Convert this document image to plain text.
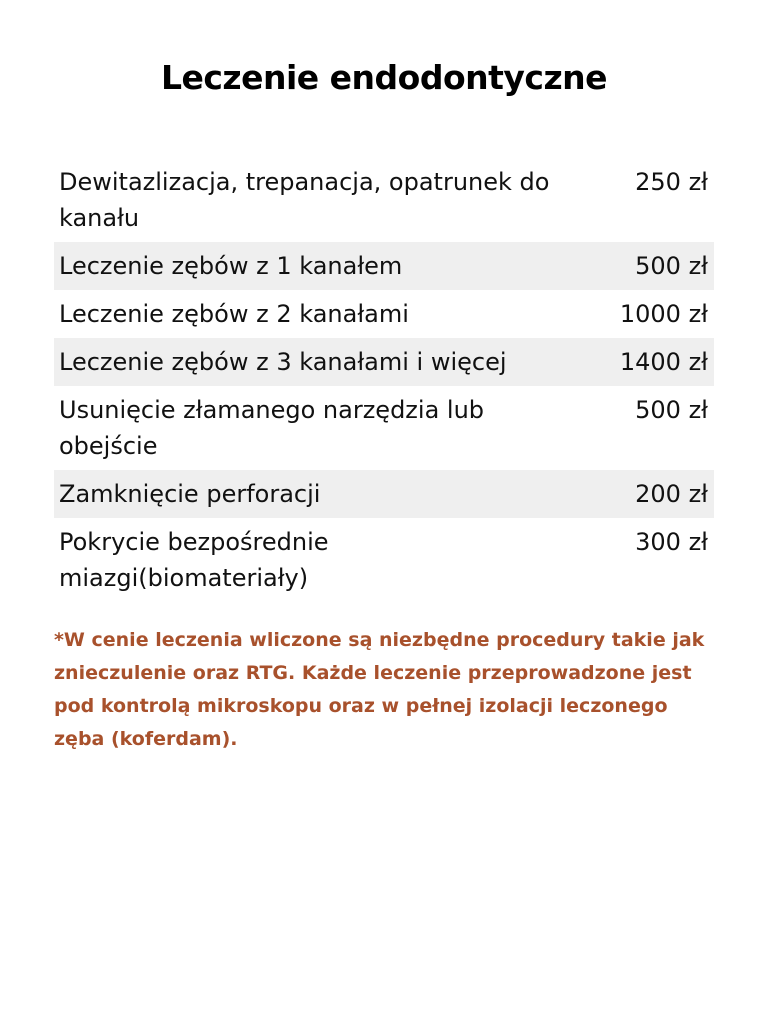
Leczenie endodontyczne
Dewitazlizacja, trepanacja, opatrunek do kanału	250 zł
Leczenie zębów z 1 kanałem	500 zł
Leczenie zębów z 2 kanałami	1000 zł
Leczenie zębów z 3 kanałami i więcej	1400 zł
Usunięcie złamanego narzędzia lub obejście	500 zł
Zamknięcie perforacji	200 zł
Pokrycie bezpośrednie miazgi(biomateriały)	300 zł

*W cenie leczenia wliczone są niezbędne procedury takie jak znieczulenie oraz RTG. Każde leczenie przeprowadzone jest pod kontrolą mikroskopu oraz w pełnej izolacji leczonego zęba (koferdam).
